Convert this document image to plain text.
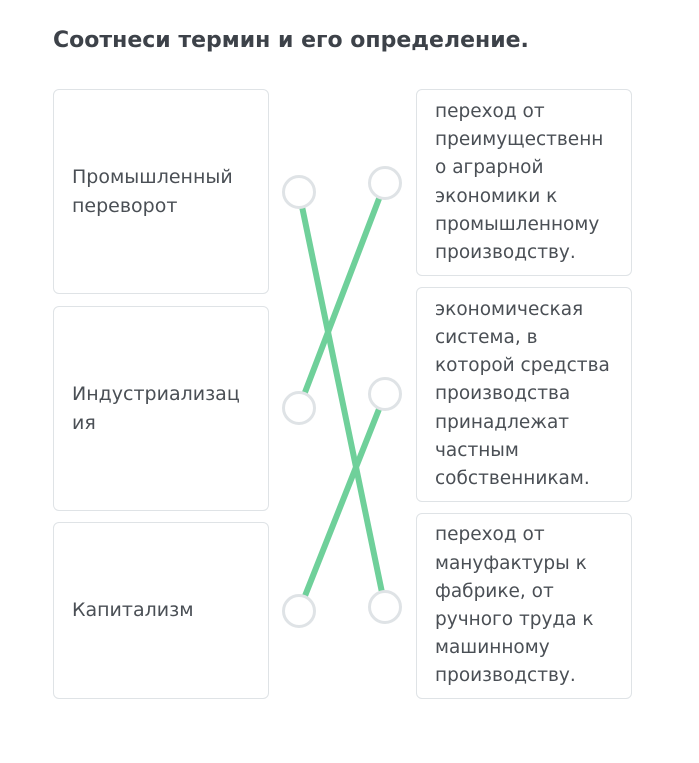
Соотнеси термин и его определение.
Промышленный
переворот
Индустриализац
ия
Капитализм
переход от
преимущественн
о аграрной
экономики к
промышленному
производству.
экономическая
система, в
которой средства
производства
принадлежат
частным
собственникам.
переход от
мануфактуры к
фабрике, от
ручного труда к
машинному
производству.
